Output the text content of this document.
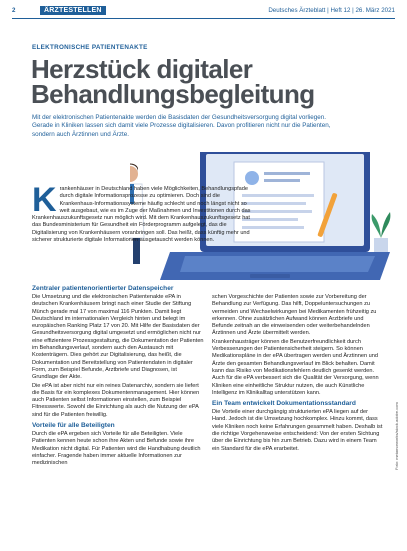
2	ÄRZTESTELLEN	Deutsches Ärzteblatt | Heft 12 | 26. März 2021
ELEKTRONISCHE PATIENTENAKTE
Herzstück digitaler Behandlungsbegleitung

Mit der elektronischen Patientenakte werden die Basisdaten der Gesundheitsversorgung digital vorliegen. Gerade in Kliniken lassen sich damit viele Prozesse digitalisieren. Davon profitieren nicht nur die Patienten, sondern auch Ärztinnen und Ärzte.

Krankenhäuser in Deutschland haben viele Möglichkeiten, Behandlungspfade durch digitale Informationsprozesse zu optimieren. Doch sind die Krankenhaus-Informationssysteme häufig schlecht und noch längst nicht so weit ausgebaut, wie es im Zuge der Maßnahmen und Investitionen durch das Krankenhauszukunftsgesetz nun möglich wird. Mit dem Krankenhauszukunftsgesetz hat das Bundesministerium für Gesundheit ein Förderprogramm aufgelegt, das die Digitalisierung von Krankenhäusern voranbringen soll. Das heißt, dass künftig mehr und sicherer strukturierte digitale Informationen ausgetauscht werden können.

Zentraler patientenorientierter Datenspeicher

Die Umsetzung und die elektronischen Patientenakte ePA in deutschen Krankenhäusern bringt nach einer Studie der Stiftung Münch gerade mal 17 von maximal 116 Punkten. Damit liegt Deutschland im internationalen Vergleich hinten und belegt im europäischen Ranking Platz 17 von 20. Mit Hilfe der Basisdaten der Gesundheitsversorgung digital umgesetzt und ermöglichen nicht nur eine effizientere Prozessgestaltung, die Dokumentation der Patienten im Behandlungsverlauf, sondern auch den Austausch mit Kostenträgern. Dies gehört zur Digitalisierung, das heißt, die Dokumentation und Bereitstellung von Patientendaten in digitaler Form, zum Beispiel Befunde, Arztbriefe und Diagnosen, ist Grundlage der Akte.

Die ePA ist aber nicht nur ein reines Datenarchiv, sondern sie liefert die Basis für ein komplexes Dokumentenmanagement. Hier können auch Patienten selbst Informationen einstellen, zum Beispiel Fitnesswerte. Sowohl die Einrichtung als auch die Nutzung der ePA sind für die Patienten freiwillig.

Vorteile für alle Beteiligten

Durch die ePA ergeben sich Vorteile für alle Beteiligten. Viele Patienten kennen heute schon ihre Akten und Befunde sowie ihre Medikation nicht digital. Für Patienten wird die Handhabung deutlich einfacher. Fragende haben immer aktuelle Informationen zur medizinischen

schen Vorgeschichte der Patienten sowie zur Vorbereitung der Behandlung zur Verfügung. Das hilft, Doppeluntersuchungen zu vermeiden und Wechselwirkungen bei Medikamenten frühzeitig zu erkennen. Ohne zusätzlichen Aufwand können Arztbriefe und Befunde zeitnah an die einweisenden oder weiterbehandelnden Ärztinnen und Ärzte übermittelt werden.

Krankenhausträger können die Benutzerfreundlichkeit durch Verbesserungen der Patientensicherheit steigern. So können Medikationspläne in der ePA übertragen werden und Ärztinnen und Ärzte den gesamten Behandlungsverlauf im Blick behalten. Damit kann das Risiko von Medikationsfehlern deutlich gesenkt werden. Auch für die ePA verbessert sich die Qualität der Versorgung, wenn Kliniken eine einheitliche Struktur nutzen, die auch Künstliche Intelligenz im Klinikalltag unterstützen kann.

Ein Team entwickelt Dokumentationsstandard

Die Vorteile einer durchgängig strukturierten ePA liegen auf der Hand. Jedoch ist die Umsetzung hochkomplex. Hinzu kommt, dass viele Kliniken noch keine Erfahrungen gesammelt haben. Deshalb ist die richtige Vorgehensweise entscheidend: Von der ersten Sichtung über die Einrichtung bis hin zum Betrieb. Dazu wird in einem Team ein Standard für die ePA erarbeitet.	Foto: metamorworks/stock.adobe.com
